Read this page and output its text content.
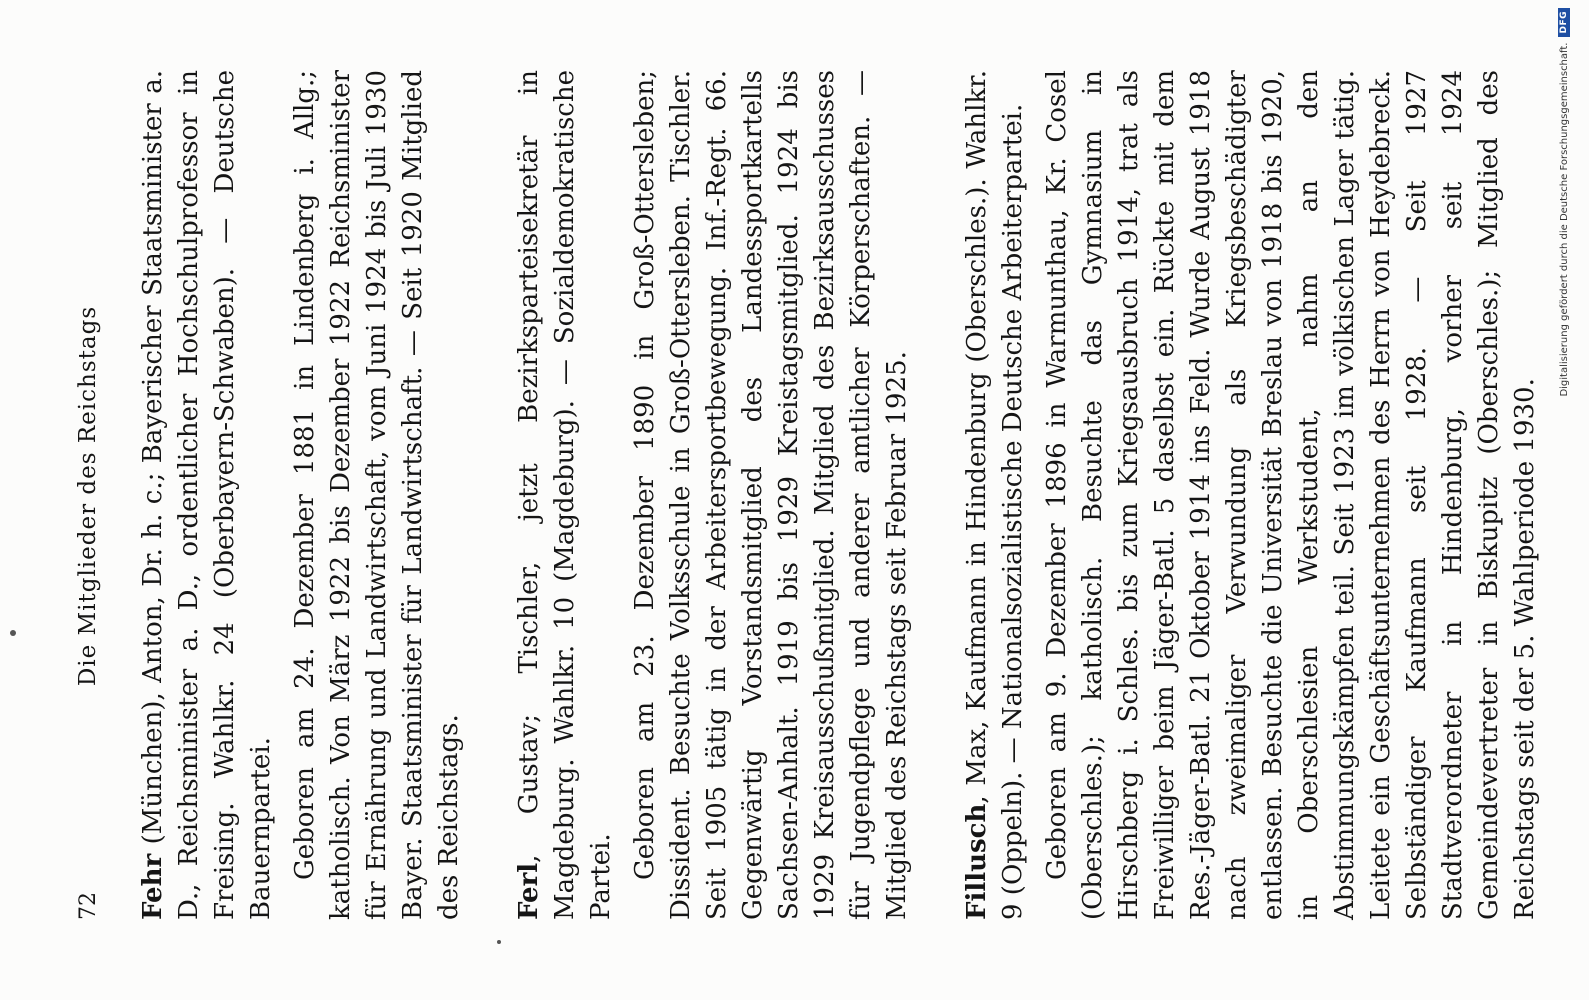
72
Die Mitglieder des Reichstags

Fehr (München), Anton, Dr. h. c.; Bayerischer Staatsminister a. D., Reichsminister a. D., ordentlicher Hochschulprofessor in Freising. Wahlkr. 24 (Oberbayern-Schwaben). — Deutsche Bauernpartei. Geboren am 24. Dezember 1881 in Lindenberg i. Allg.; katholisch. Von März 1922 bis Dezember 1922 Reichsminister für Ernährung und Landwirtschaft, vom Juni 1924 bis Juli 1930 Bayer. Staatsminister für Landwirtschaft. — Seit 1920 Mitglied des Reichstags. Ferl, Gustav; Tischler, jetzt Bezirksparteisekretär in Magdeburg. Wahlkr. 10 (Magdeburg). — Sozialdemokratische Partei. Geboren am 23. Dezember 1890 in Groß-Ottersleben; Dissident. Besuchte Volksschule in Groß-Ottersleben. Tischler. Seit 1905 tätig in der Arbeitersportbewegung. Inf.-Regt. 66. Gegenwärtig Vorstandsmitglied des Landessportkartells Sachsen-Anhalt. 1919 bis 1929 Kreistagsmitglied. 1924 bis 1929 Kreisausschußmitglied. Mitglied des Bezirksausschusses für Jugendpflege und anderer amtlicher Körperschaften. — Mitglied des Reichstags seit Februar 1925. Fillusch, Max, Kaufmann in Hindenburg (Oberschles.). Wahlkr. 9 (Oppeln). — Nationalsozialistische Deutsche Arbeiterpartei. Geboren am 9. Dezember 1896 in Warmunthau, Kr. Cosel (Oberschles.); katholisch. Besuchte das Gymnasium in Hirschberg i. Schles. bis zum Kriegsausbruch 1914, trat als Freiwilliger beim Jäger-Batl. 5 daselbst ein. Rückte mit dem Res.-Jäger-Batl. 21 Oktober 1914 ins Feld. Wurde August 1918 nach zweimaliger Verwundung als Kriegsbeschädigter entlassen. Besuchte die Universität Breslau von 1918 bis 1920, in Oberschlesien Werkstudent, nahm an den Abstimmungskämpfen teil. Seit 1923 im völkischen Lager tätig. Leitete ein Geschäftsunternehmen des Herrn von Heydebreck. Selbständiger Kaufmann seit 1928. — Seit 1927 Stadtverordneter in Hindenburg, vorher seit 1924 Gemeindevertreter in Biskupitz (Oberschles.); Mitglied des Reichstags seit der 5. Wahlperiode 1930.

Digitalisierung gefördert durch die Deutsche Forschungsgemeinschaft.
DFG
